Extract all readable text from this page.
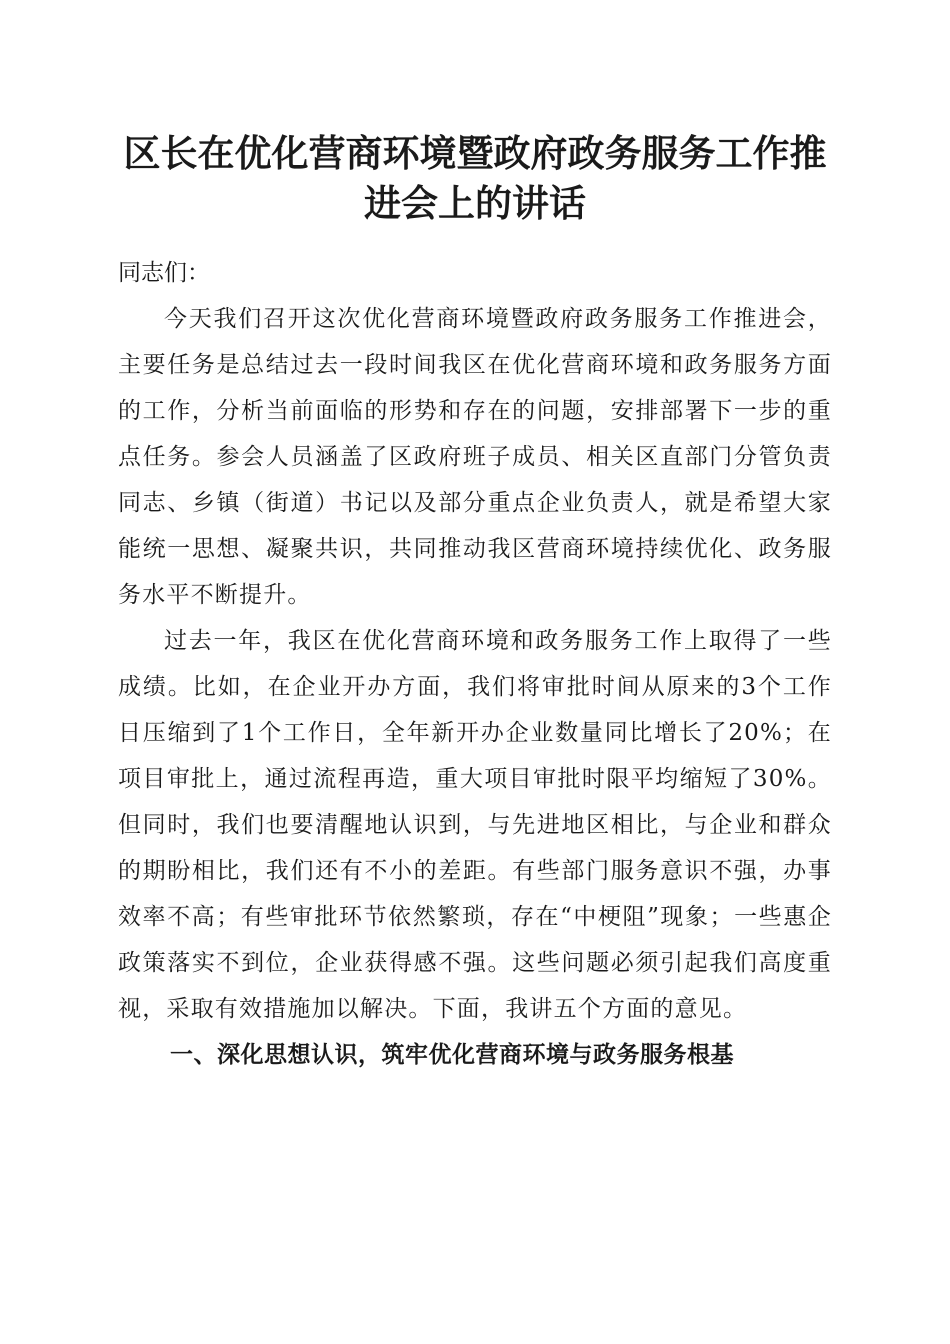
区长在优化营商环境暨政府政务服务工作推进会上的讲话

同志们：

今天我们召开这次优化营商环境暨政府政务服务工作推进会，主要任务是总结过去一段时间我区在优化营商环境和政务服务方面的工作，分析当前面临的形势和存在的问题，安排部署下一步的重点任务。参会人员涵盖了区政府班子成员、相关区直部门分管负责同志、乡镇（街道）书记以及部分重点企业负责人，就是希望大家能统一思想、凝聚共识，共同推动我区营商环境持续优化、政务服务水平不断提升。

过去一年，我区在优化营商环境和政务服务工作上取得了一些成绩。比如，在企业开办方面，我们将审批时间从原来的3个工作日压缩到了1个工作日，全年新开办企业数量同比增长了20%；在项目审批上，通过流程再造，重大项目审批时限平均缩短了30%。但同时，我们也要清醒地认识到，与先进地区相比，与企业和群众的期盼相比，我们还有不小的差距。有些部门服务意识不强，办事效率不高；有些审批环节依然繁琐，存在“中梗阻”现象；一些惠企政策落实不到位，企业获得感不强。这些问题必须引起我们高度重视，采取有效措施加以解决。下面，我讲五个方面的意见。

一、深化思想认识，筑牢优化营商环境与政务服务根基
